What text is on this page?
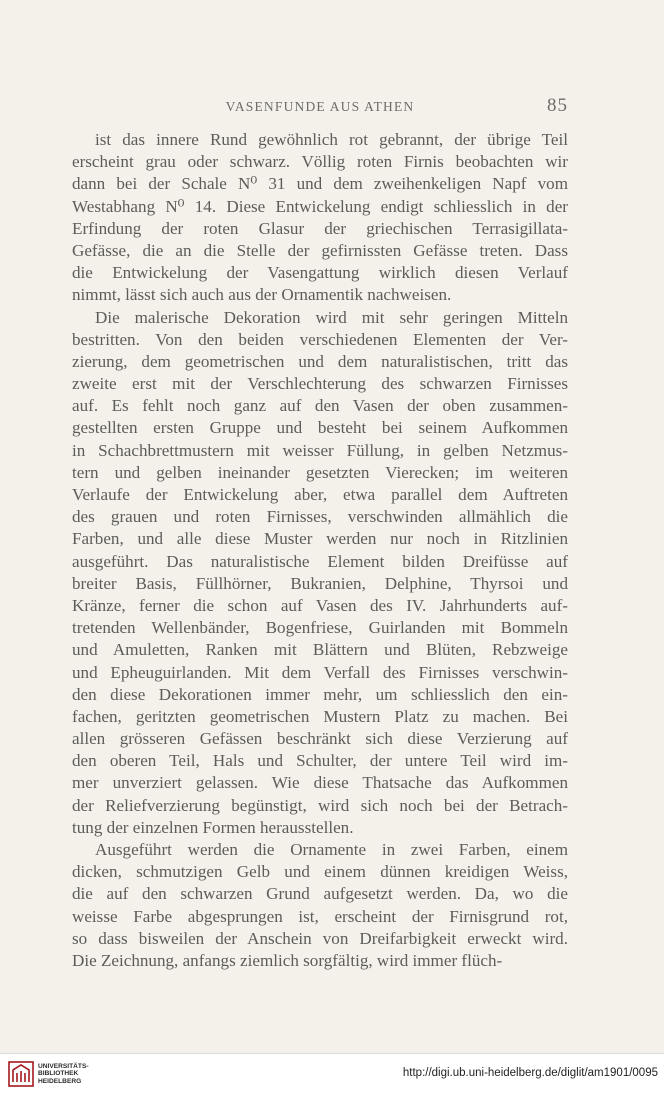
VASENFUNDE AUS ATHEN	85
ist das innere Rund gewöhnlich rot gebrannt, der übrige Teil
erscheint grau oder schwarz. Völlig roten Firnis beobachten wir
dann bei der Schale N⁰ 31 und dem zweihenkeligen Napf vom
Westabhang N⁰ 14. Diese Entwickelung endigt schliesslich in der
Erfindung der roten Glasur der griechischen Terrasigillata-
Gefässe, die an die Stelle der gefirnissten Gefässe treten. Dass
die Entwickelung der Vasengattung wirklich diesen Verlauf
nimmt, lässt sich auch aus der Ornamentik nachweisen.
Die malerische Dekoration wird mit sehr geringen Mitteln
bestritten. Von den beiden verschiedenen Elementen der Ver-
zierung, dem geometrischen und dem naturalistischen, tritt das
zweite erst mit der Verschlechterung des schwarzen Firnisses
auf. Es fehlt noch ganz auf den Vasen der oben zusammen-
gestellten ersten Gruppe und besteht bei seinem Aufkommen
in Schachbrettmustern mit weisser Füllung, in gelben Netzmus-
tern und gelben ineinander gesetzten Vierecken; im weiteren
Verlaufe der Entwickelung aber, etwa parallel dem Auftreten
des grauen und roten Firnisses, verschwinden allmählich die
Farben, und alle diese Muster werden nur noch in Ritzlinien
ausgeführt. Das naturalistische Element bilden Dreifüsse auf
breiter Basis, Füllhörner, Bukranien, Delphine, Thyrsoi und
Kränze, ferner die schon auf Vasen des IV. Jahrhunderts auf-
tretenden Wellenbänder, Bogenfriese, Guirlanden mit Bommeln
und Amuletten, Ranken mit Blättern und Blüten, Rebzweige
und Epheuguirlanden. Mit dem Verfall des Firnisses verschwin-
den diese Dekorationen immer mehr, um schliesslich den ein-
fachen, geritzten geometrischen Mustern Platz zu machen. Bei
allen grösseren Gefässen beschränkt sich diese Verzierung auf
den oberen Teil, Hals und Schulter, der untere Teil wird im-
mer unverziert gelassen. Wie diese Thatsache das Aufkommen
der Reliefverzierung begünstigt, wird sich noch bei der Betrach-
tung der einzelnen Formen herausstellen.
Ausgeführt werden die Ornamente in zwei Farben, einem
dicken, schmutzigen Gelb und einem dünnen kreidigen Weiss,
die auf den schwarzen Grund aufgesetzt werden. Da, wo die
weisse Farbe abgesprungen ist, erscheint der Firnisgrund rot,
so dass bisweilen der Anschein von Dreifarbigkeit erweckt wird.
Die Zeichnung, anfangs ziemlich sorgfältig, wird immer flüch-
UNIVERSITÄTS-
BIBLIOTHEK
HEIDELBERG
http://digi.ub.uni-heidelberg.de/diglit/am1901/0095
